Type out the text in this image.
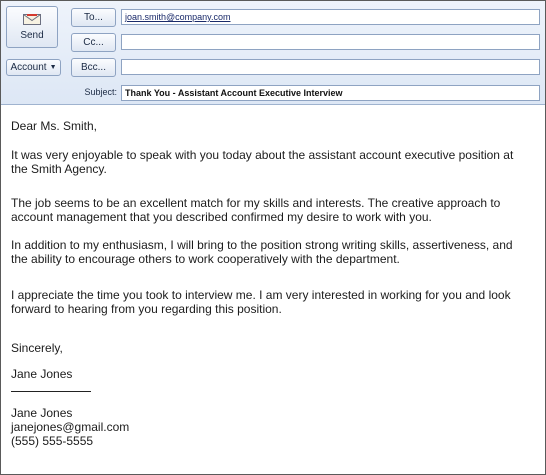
Send
Account ▼
To...	joan.smith@company.com
Cc...
Bcc...
Subject: Thank You - Assistant Account Executive Interview

Dear Ms. Smith,

It was very enjoyable to speak with you today about the assistant account executive position at the Smith Agency.

The job seems to be an excellent match for my skills and interests. The creative approach to account management that you described confirmed my desire to work with you.

In addition to my enthusiasm, I will bring to the position strong writing skills, assertiveness, and the ability to encourage others to work cooperatively with the department.

I appreciate the time you took to interview me. I am very interested in working for you and look forward to hearing from you regarding this position.

Sincerely,

Jane Jones

Jane Jones
janejones@gmail.com
(555) 555-5555
